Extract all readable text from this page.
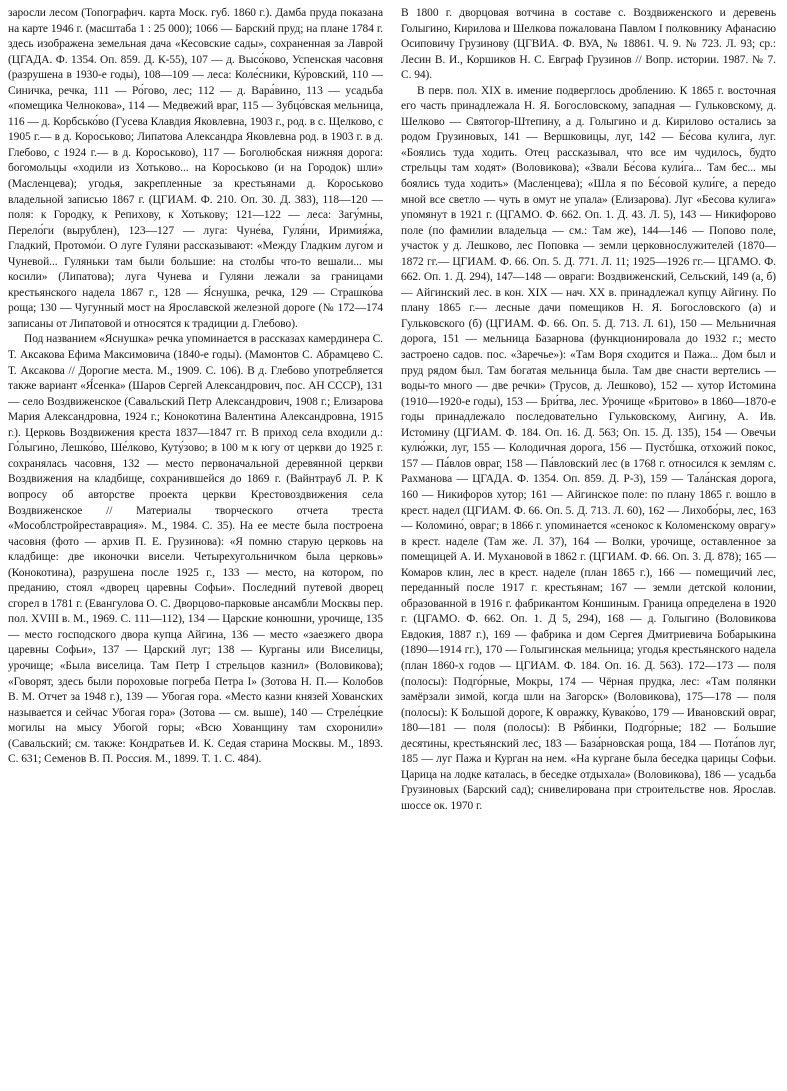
заросли лесом (Топографич. карта Моск. губ. 1860 г.). Дамба пруда показана на карте 1946 г. (масштаба 1 : 25 000); 1066 — Барский пруд; на плане 1784 г. здесь изображена земельная дача «Кесовские сады», сохраненная за Лаврой (ЦГАДА. Ф. 1354. Оп. 859. Д. К-55), 107 — д. Высо́ково, Успенская часовня (разрушена в 1930-е годы), 108—109 — леса: Коле́сники, Ку́ровский, 110 — Синичка, речка, 111 — Ро́гово, лес; 112 — д. Вара́вино, 113 — усадьба «помещика Челнокова», 114 — Медвежий враг, 115 — Зубцо́вская мельница, 116 — д. Корбсько́во (Гусева Клавдия Яковлевна, 1903 г., род. в с. Щелково, с 1905 г.— в д. Короськово; Липатова Александра Яковлевна род. в 1903 г. в д. Глебово, с 1924 г.— в д. Короськово), 117 — Боголюбская нижняя дорога: богомольцы «ходили из Хотьково... на Короськово (и на Городок) шли» (Масленцева); угодья, закрепленные за крестьянами д. Короськово владельной записью 1867 г. (ЦГИАМ. Ф. 210. Оп. 30. Д. 383), 118—120 — поля: к Городку, к Репихову, к Хотькову; 121—122 — леса: Загу́мны, Перело́ги (вырублен), 123—127 — луга: Чуне́ва, Гуля́ни, Иримия́жа, Гладкий, Протомо́и. О луге Гуляни рассказывают: «Между Гладким лугом и Чуневой... Гуляньки там были большие: на столбы что-то вешали... мы косили» (Липатова); луга Чунева и Гуляни лежали за границами крестьянского надела 1867 г., 128 — Я́снушка, речка, 129 — Страшко́ва роща; 130 — Чугунный мост на Ярославской железной дороге (№ 172—174 записаны от Липатовой и относятся к традиции д. Глебово).

Под названием «Яснушка» речка упоминается в рассказах камердинера С. Т. Аксакова Ефима Максимовича (1840-е годы). (Мамонтов С. Абрамцево С. Т. Аксакова // Дорогие места. М., 1909. С. 106). В д. Глебово употребляется также вариант «Я́сенка» (Шаров Сергей Александрович, пос. АН СССР), 131 — село Воздвиженское (Савальский Петр Александрович, 1908 г.; Елизарова Мария Александровна, 1924 г.; Конокотина Валентина Александровна, 1915 г.). Церковь Воздвижения креста 1837—1847 гг. В приход села входили д.: Го́лыгино, Лешко́во, Ше́лково, Куту́зово; в 100 м к югу от церкви до 1925 г. сохранялась часовня, 132 — место первоначальной деревянной церкви Воздвижения на кладбище, сохранившейся до 1869 г. (Вайнтрауб Л. Р. К вопросу об авторстве проекта церкви Крестовоздвижения села Воздвиженское // Материалы творческого отчета треста «Мособлстройреставрация». М., 1984. С. 35). На ее месте была построена часовня (фото — архив П. Е. Грузинова): «Я помню старую церковь на кладбище: две иконочки висели. Четырехугольничком была церковь» (Конокотина), разрушена после 1925 г., 133 — место, на котором, по преданию, стоял «дворец царевны Софьи». Последний путевой дворец сгорел в 1781 г. (Евангулова О. С. Дворцово-парковые ансамбли Москвы пер. пол. XVIII в. М., 1969. С. 111—112), 134 — Царские конюшни, урочище, 135 — место господского двора купца Айгина, 136 — место «заезжего двора царевны Софьи», 137 — Царский луг; 138 — Курганы или Виселицы, урочище; «Была виселица. Там Петр I стрельцов казнил» (Воловикова); «Говорят, здесь были пороховые погреба Петра I» (Зотова Н. П.— Колобов В. М. Отчет за 1948 г.), 139 — Убогая гора. «Место казни князей Хованских называется и сейчас Убогая гора» (Зотова — см. выше), 140 — Стреле́цкие могилы на мысу Убогой горы; «Всю Хованщину там схоронили» (Савальский; см. также: Кондратьев И. К. Седая старина Москвы. М., 1893. С. 631; Семенов В. П. Россия. М., 1899. Т. 1. С. 484).

В 1800 г. дворцовая вотчина в составе с. Воздвиженского и деревень Голыгино, Кирилова и Шелкова пожалована Павлом I полковнику Афанасию Осиповичу Грузинову (ЦГВИА. Ф. ВУА, № 18861. Ч. 9. № 723. Л. 93; ср.: Лесин В. И., Коршиков Н. С. Евграф Грузинов // Вопр. истории. 1987. № 7. С. 94).

В перв. пол. XIX в. имение подверглось дроблению. К 1865 г. восточная его часть принадлежала Н. Я. Богословскому, западная — Гульковскому, д. Шелково — Святогор-Штепину, а д. Голыгино и д. Кирилово остались за родом Грузиновых, 141 — Вершковицы, луг, 142 — Бе́сова кулига, луг. «Боялись туда ходить. Отец рассказывал, что все им чудилось, будто стрельцы там ходят» (Воловикова); «Звали Бе́сова кули́га... Там бес... мы боялись туда ходить» (Масленцева); «Шла я по Бе́совой кули́ге, а передо мной все светло — чуть в омут не упала» (Елизарова). Луг «Бесова кулига» упомянут в 1921 г. (ЦГАМО. Ф. 662. Оп. 1. Д. 43. Л. 5), 143 — Никифорово поле (по фамилии владельца — см.: Там же), 144—146 — Попово поле, участок у д. Лешково, лес Поповка — земли церковнослужителей (1870—1872 гг.— ЦГИАМ. Ф. 66. Оп. 5. Д. 771. Л. 11; 1925—1926 гг.— ЦГАМО. Ф. 662. Оп. 1. Д. 294), 147—148 — овраги: Воздвиженский, Сельский, 149 (а, б) — Айгинский лес. в кон. XIX — нач. XX в. принадлежал купцу Айгину. По плану 1865 г.— лесные дачи помещиков Н. Я. Богословского (а) и Гульковского (б) (ЦГИАМ. Ф. 66. Оп. 5. Д. 713. Л. 61), 150 — Мельничная дорога, 151 — мельница Базарнова (функционировала до 1932 г.; место застроено садов. пос. «Заречье»): «Там Воря сходится и Пажа... Дом был и пруд рядом был. Там богатая мельница была. Там две снасти вертелись — воды-то много — две речки» (Трусов, д. Лешково), 152 — хутор Истомина (1910—1920-е годы), 153 — Бри́тва, лес. Урочище «Бритово» в 1860—1870-е годы принадлежало последовательно Гульковскому, Аигину, А. Ив. Истомину (ЦГИАМ. Ф. 184. Оп. 16. Д. 563; Оп. 15. Д. 135), 154 — Овечьи кулю́жки, луг, 155 — Колодичная дорога, 156 — Пустö́шка, отхожий покос, 157 — Па́влов овраг, 158 — Па́вловский лес (в 1768 г. относился к землям с. Рахманова — ЦГАДА. Ф. 1354. Оп. 859. Д. Р-3), 159 — Тала́нская дорога, 160 — Никифоров хутор; 161 — Айгинское поле: по плану 1865 г. вошло в крест. надел (ЦГИАМ. Ф. 66. Оп. 5. Д. 713. Л. 60), 162 — Лихобо́ры, лес, 163 — Коломино́, овраг; в 1866 г. упоминается «сенокос к Коломенскому оврагу» в крест. наделе (Там же. Л. 37), 164 — Волки, урочище, оставленное за помещицей А. И. Мухановой в 1862 г. (ЦГИАМ. Ф. 66. Оп. 3. Д. 878); 165 — Комаров клин, лес в крест. наделе (план 1865 г.), 166 — помещичий лес, переданный после 1917 г. крестьянам; 167 — земли детской колонии, образованной в 1916 г. фабрикантом Коншиным. Граница определена в 1920 г. (ЦГАМО. Ф. 662. Оп. 1. Д 5, 294), 168 — д. Голыгино (Воловикова Евдокия, 1887 г.), 169 — фабрика и дом Сергея Дмитриевича Бобарыкина (1890—1914 гг.), 170 — Голыгинская мельница; угодья крестьянского надела (план 1860-х годов — ЦГИАМ. Ф. 184. Оп. 16. Д. 563). 172—173 — поля (полосы): Подго́рные, Мокры, 174 — Чёрная прудка, лес: «Там полянки замёрзали зимой, когда шли на Загорск» (Воловикова), 175—178 — поля (полосы): К Большой дороге, К овражку, Кувако́во, 179 — Ивановский овраг, 180—181 — поля (полосы): В Ря́бинки, Подго́рные; 182 — Большие десятины, крестьянский лес, 183 — База́рновская роща, 184 — Пота́пов луг, 185 — луг Пажа и Курган на нем. «На кургане была беседка царицы Софьи. Царица на лодке каталась, в беседке отдыхала» (Воловикова), 186 — усадьба Грузиновых (Барский сад); снивелирована при строительстве нов. Ярослав. шоссе ок. 1970 г.
